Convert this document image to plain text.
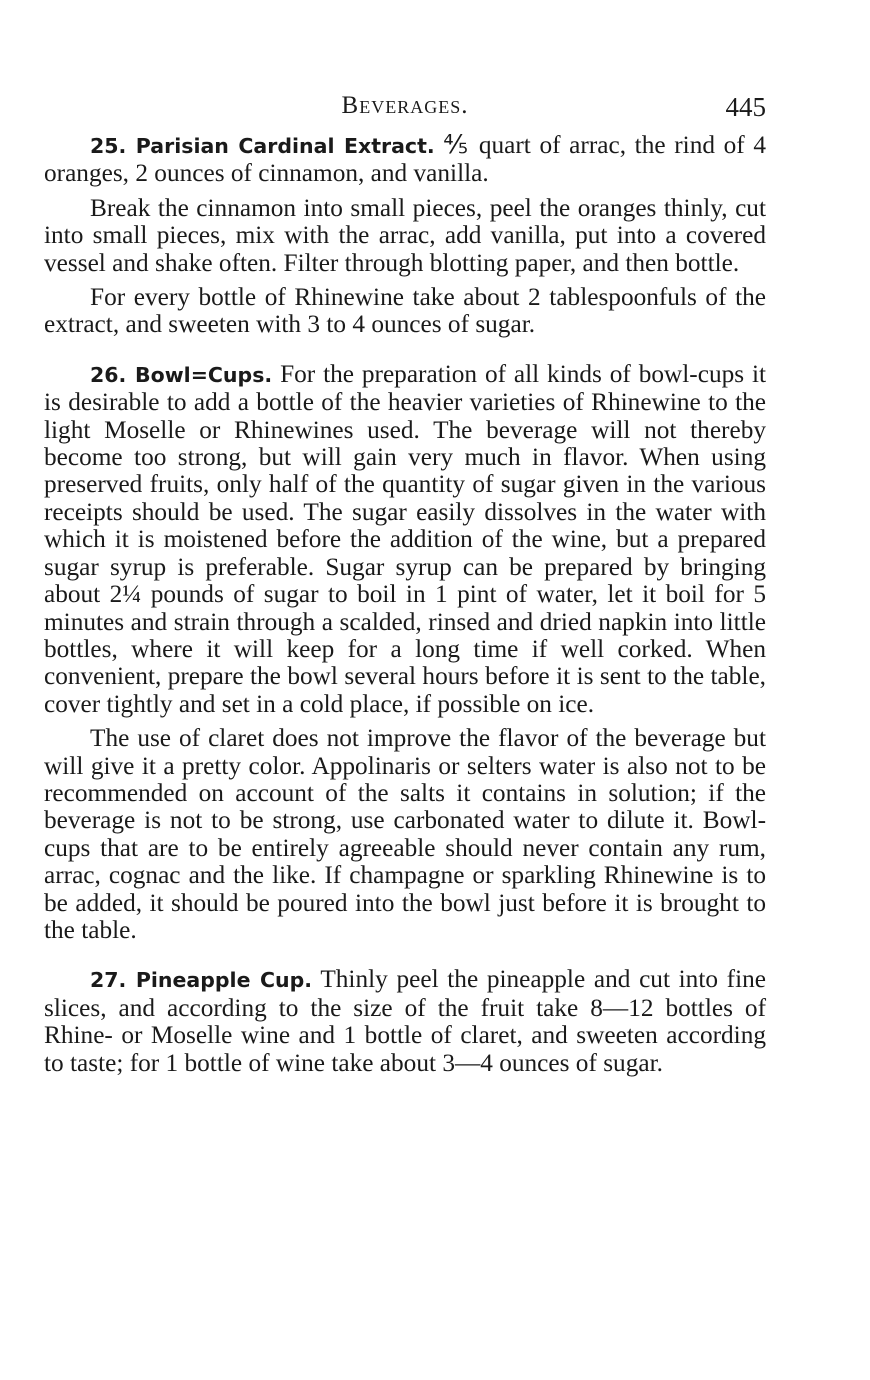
Beverages.	445

25. Parisian Cardinal Extract. ⅘ quart of arrac, the rind of 4 oranges, 2 ounces of cinnamon, and vanilla.

Break the cinnamon into small pieces, peel the oranges thinly, cut into small pieces, mix with the arrac, add vanilla, put into a covered vessel and shake often. Filter through blotting paper, and then bottle.

For every bottle of Rhinewine take about 2 tablespoonfuls of the extract, and sweeten with 3 to 4 ounces of sugar.

26. Bowl=Cups. For the preparation of all kinds of bowl-cups it is desirable to add a bottle of the heavier varieties of Rhinewine to the light Moselle or Rhinewines used. The beverage will not thereby become too strong, but will gain very much in flavor. When using preserved fruits, only half of the quantity of sugar given in the various receipts should be used. The sugar easily dissolves in the water with which it is moistened before the addition of the wine, but a prepared sugar syrup is preferable. Sugar syrup can be prepared by bringing about 2¼ pounds of sugar to boil in 1 pint of water, let it boil for 5 minutes and strain through a scalded, rinsed and dried napkin into little bottles, where it will keep for a long time if well corked. When convenient, prepare the bowl several hours before it is sent to the table, cover tightly and set in a cold place, if possible on ice.

The use of claret does not improve the flavor of the beverage but will give it a pretty color. Appolinaris or selters water is also not to be recommended on account of the salts it contains in solution; if the beverage is not to be strong, use carbonated water to dilute it. Bowl-cups that are to be entirely agreeable should never contain any rum, arrac, cognac and the like. If champagne or sparkling Rhinewine is to be added, it should be poured into the bowl just before it is brought to the table.

27. Pineapple Cup. Thinly peel the pineapple and cut into fine slices, and according to the size of the fruit take 8—12 bottles of Rhine- or Moselle wine and 1 bottle of claret, and sweeten according to taste; for 1 bottle of wine take about 3—4 ounces of sugar.
